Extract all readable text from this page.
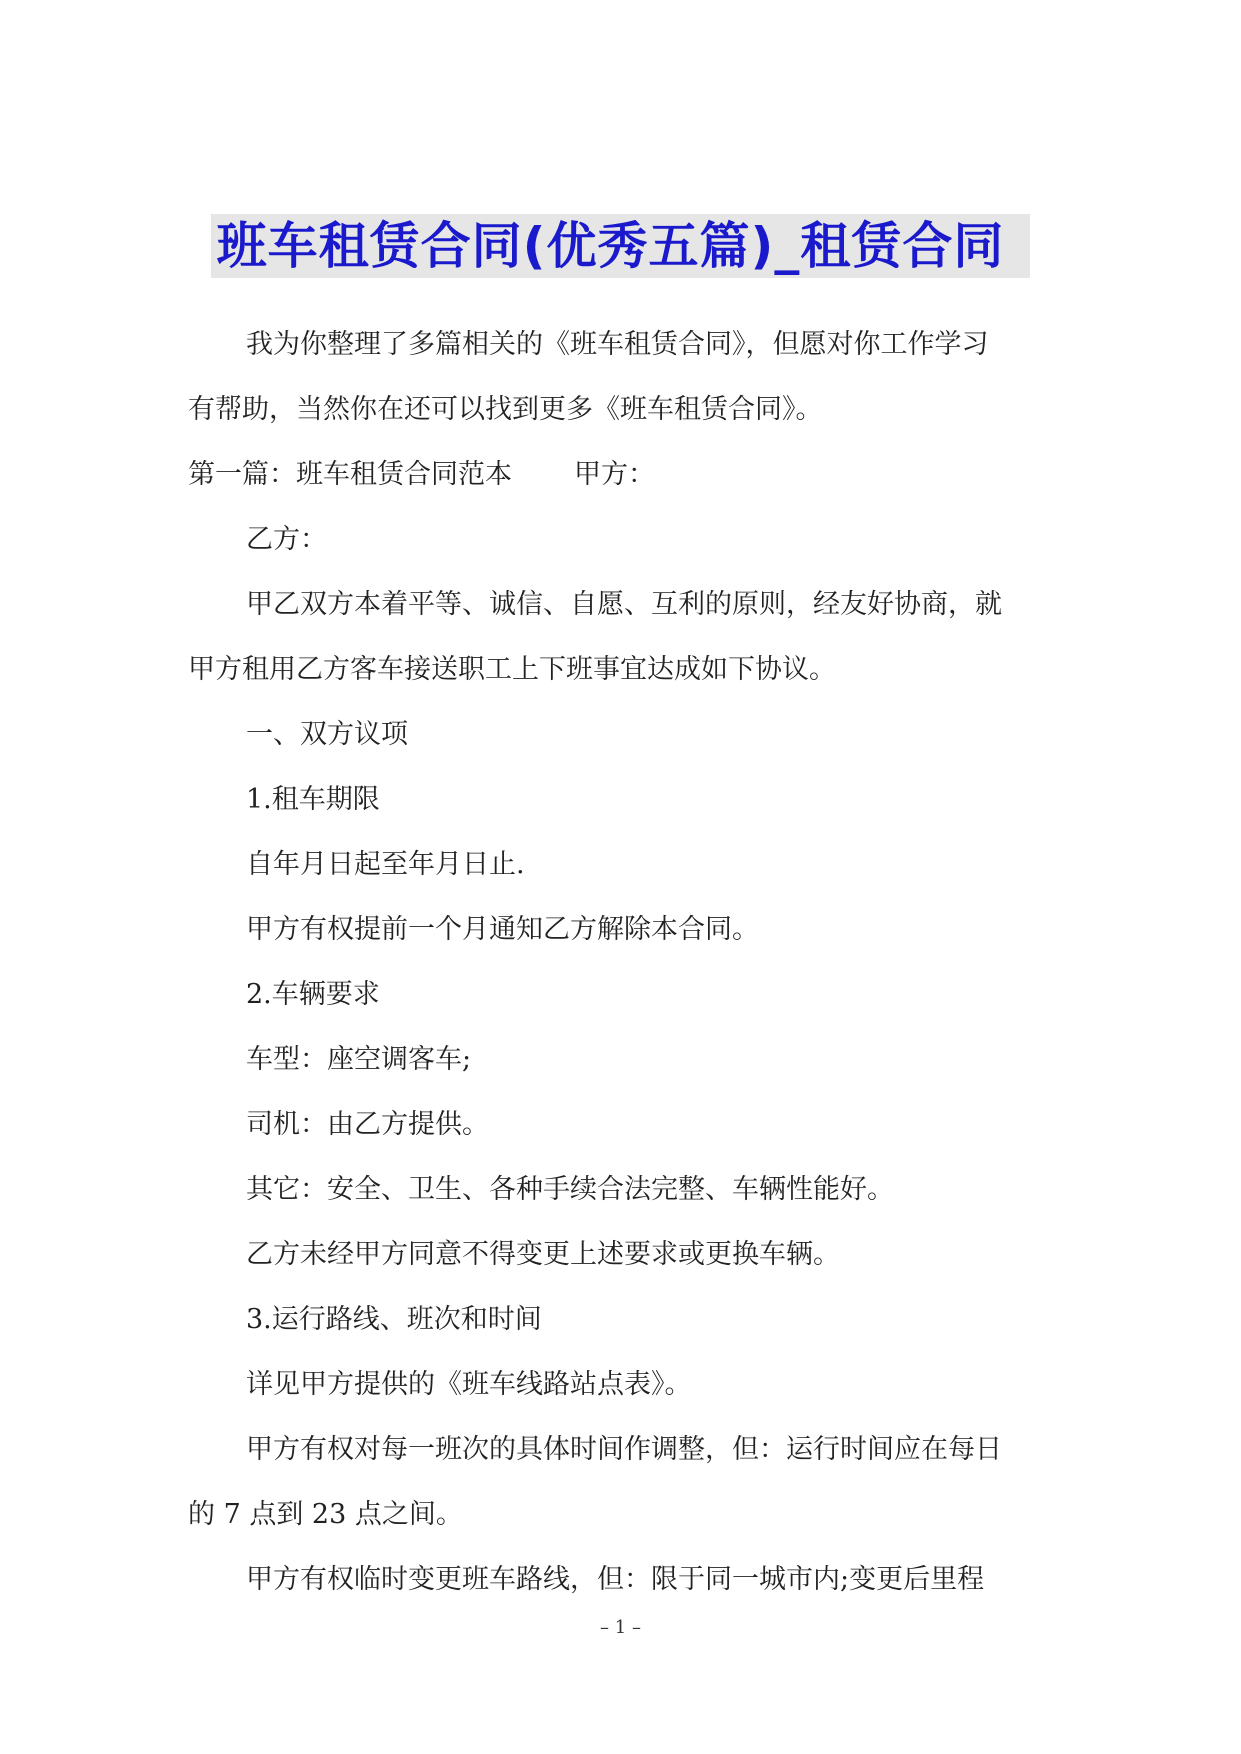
班车租赁合同(优秀五篇)_租赁合同

我为你整理了多篇相关的《班车租赁合同》，但愿对你工作学习

有帮助，当然你在还可以找到更多《班车租赁合同》。

第一篇：班车租赁合同范本 甲方：

乙方：

甲乙双方本着平等、诚信、自愿、互利的原则，经友好协商，就

甲方租用乙方客车接送职工上下班事宜达成如下协议。

一、双方议项

1.租车期限

自年月日起至年月日止.

甲方有权提前一个月通知乙方解除本合同。

2.车辆要求

车型：座空调客车;

司机：由乙方提供。

其它：安全、卫生、各种手续合法完整、车辆性能好。

乙方未经甲方同意不得变更上述要求或更换车辆。

3.运行路线、班次和时间

详见甲方提供的《班车线路站点表》。

甲方有权对每一班次的具体时间作调整，但：运行时间应在每日

的 7 点到 23 点之间。

甲方有权临时变更班车路线，但：限于同一城市内;变更后里程

– 1 –
